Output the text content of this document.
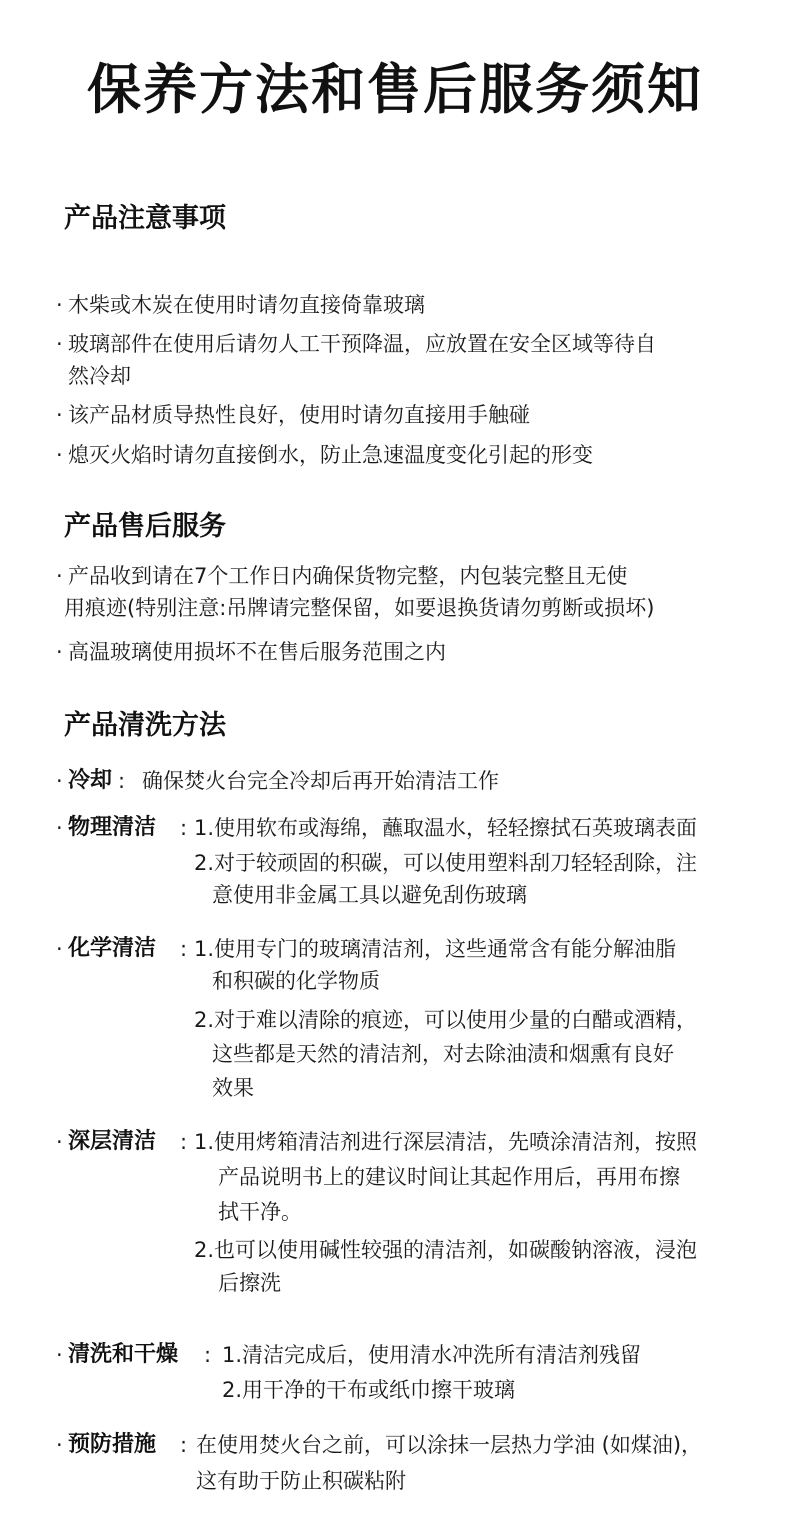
保养方法和售后服务须知
产品注意事项
· 木柴或木炭在使用时请勿直接倚靠玻璃
· 玻璃部件在使用后请勿人工干预降温，应放置在安全区域等待自
然冷却
· 该产品材质导热性良好，使用时请勿直接用手触碰
· 熄灭火焰时请勿直接倒水，防止急速温度变化引起的形变
产品售后服务
· 产品收到请在7个工作日内确保货物完整，内包装完整且无使
用痕迹(特别注意:吊牌请完整保留，如要退换货请勿剪断或损坏)
· 高温玻璃使用损坏不在售后服务范围之内
产品清洗方法
· 冷却 : 确保焚火台完全冷却后再开始清洁工作
· 物理清洁 : 1.使用软布或海绵，蘸取温水，轻轻擦拭石英玻璃表面
2.对于较顽固的积碳，可以使用塑料刮刀轻轻刮除，注
意使用非金属工具以避免刮伤玻璃
· 化学清洁 : 1.使用专门的玻璃清洁剂，这些通常含有能分解油脂
和积碳的化学物质
2.对于难以清除的痕迹，可以使用少量的白醋或酒精，
这些都是天然的清洁剂，对去除油渍和烟熏有良好
效果
· 深层清洁 : 1.使用烤箱清洁剂进行深层清洁，先喷涂清洁剂，按照
产品说明书上的建议时间让其起作用后，再用布擦
拭干净。
2.也可以使用碱性较强的清洁剂，如碳酸钠溶液，浸泡
后擦洗
· 清洗和干燥 : 1.清洁完成后，使用清水冲洗所有清洁剂残留
2.用干净的干布或纸巾擦干玻璃
· 预防措施 : 在使用焚火台之前，可以涂抹一层热力学油 (如煤油)，
这有助于防止积碳粘附
